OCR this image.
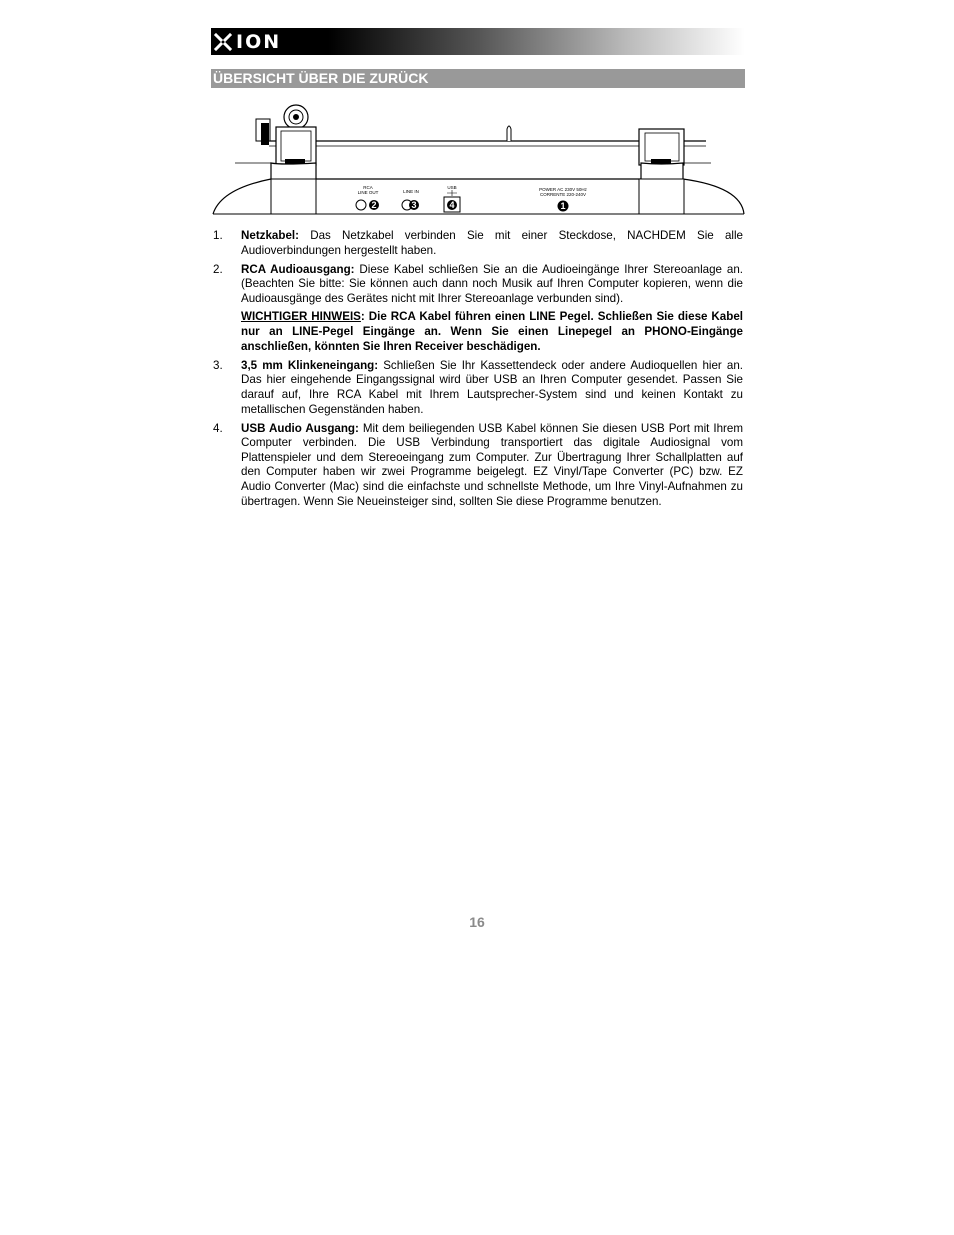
ION
ÜBERSICHT ÜBER DIE ZURÜCK
RCA
LINE OUT
2
LINE IN
3
USB
4
POWER AC 230V 50Hz
CORRENTE 220-240V
1
1.	Netzkabel: Das Netzkabel verbinden Sie mit einer Steckdose, NACHDEM Sie alle Audioverbindungen hergestellt haben.
2.	RCA Audioausgang: Diese Kabel schließen Sie an die Audioeingänge Ihrer Stereoanlage an. (Beachten Sie bitte: Sie können auch dann noch Musik auf Ihren Computer kopieren, wenn die Audioausgänge des Gerätes nicht mit Ihrer Stereoanlage verbunden sind).
WICHTIGER HINWEIS: Die RCA Kabel führen einen LINE Pegel. Schließen Sie diese Kabel nur an LINE-Pegel Eingänge an. Wenn Sie einen Linepegel an PHONO-Eingänge anschließen, könnten Sie Ihren Receiver beschädigen.
3.	3,5 mm Klinkeneingang: Schließen Sie Ihr Kassettendeck oder andere Audioquellen hier an. Das hier eingehende Eingangssignal wird über USB an Ihren Computer gesendet. Passen Sie darauf auf, Ihre RCA Kabel mit Ihrem Lautsprecher-System sind und keinen Kontakt zu metallischen Gegenständen haben.
4.	USB Audio Ausgang: Mit dem beiliegenden USB Kabel können Sie diesen USB Port mit Ihrem Computer verbinden. Die USB Verbindung transportiert das digitale Audiosignal vom Plattenspieler und dem Stereoeingang zum Computer. Zur Übertragung Ihrer Schallplatten auf den Computer haben wir zwei Programme beigelegt. EZ Vinyl/Tape Converter (PC) bzw. EZ Audio Converter (Mac) sind die einfachste und schnellste Methode, um Ihre Vinyl-Aufnahmen zu übertragen. Wenn Sie Neueinsteiger sind, sollten Sie diese Programme benutzen.
16
